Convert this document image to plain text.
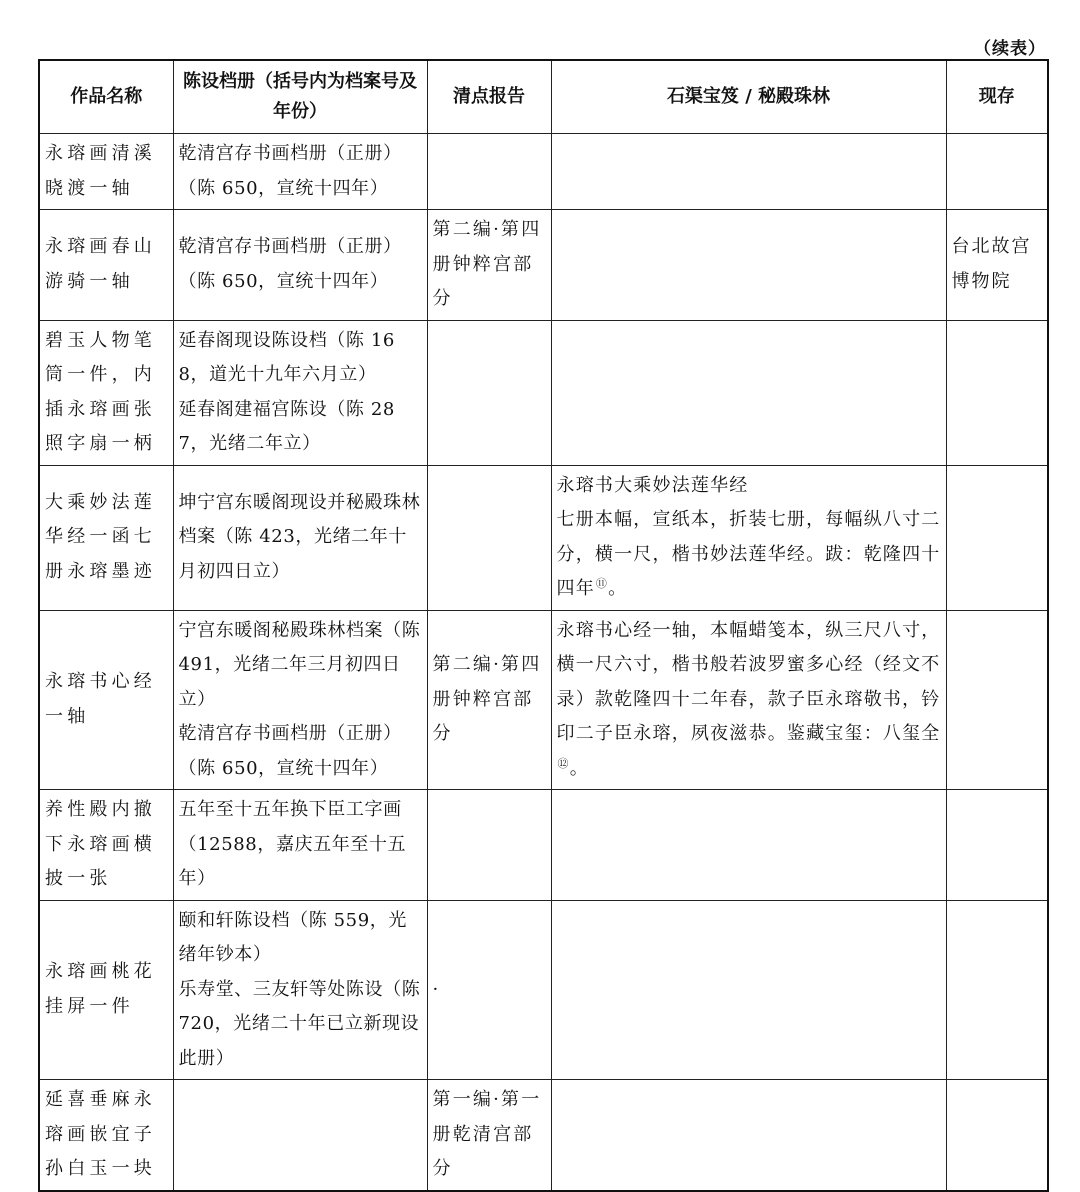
（续表）
作品名称	陈设档册（括号内为档案号及年份）	清点报告	石渠宝笈 / 秘殿珠林	现存
永瑢画清溪晓渡一轴	乾清宫存书画档册（正册）（陈 650，宣统十四年）			

永瑢画春山游骑一轴	乾清宫存书画档册（正册）（陈 650，宣统十四年）	第二编·第四册钟粹宫部分		台北故宫博物院
碧玉人物笔筒一件，内插永瑢画张照字扇一柄	延春阁现设陈设档（陈 168，道光十九年六月立）
延春阁建福宫陈设（陈 287，光绪二年立）			

大乘妙法莲华经一函七册永瑢墨迹	坤宁宫东暖阁现设并秘殿珠林档案（陈 423，光绪二年十月初四日立）		永瑢书大乘妙法莲华经
七册本幅，宣纸本，折装七册，每幅纵八寸二分，横一尺，楷书妙法莲华经。跋：乾隆四十四年⑪。	
永瑢书心经一轴	宁宫东暖阁秘殿珠林档案（陈 491，光绪二年三月初四日立）
乾清宫存书画档册（正册）（陈 650，宣统十四年）	第二编·第四册钟粹宫部分	永瑢书心经一轴，本幅蜡笺本，纵三尺八寸，横一尺六寸，楷书般若波罗蜜多心经（经文不录）款乾隆四十二年春，款子臣永瑢敬书，钤印二子臣永瑢，夙夜滋恭。鉴藏宝玺：八玺全⑫。	
养性殿内撤下永瑢画横披一张	五年至十五年换下臣工字画（12588，嘉庆五年至十五年）			

永瑢画桃花挂屏一件	颐和轩陈设档（陈 559，光绪年钞本）
乐寿堂、三友轩等处陈设（陈 720，光绪二十年已立新现设此册）	·		
延喜垂麻永瑢画嵌宜子孙白玉一块		第一编·第一册乾清宫部分		
